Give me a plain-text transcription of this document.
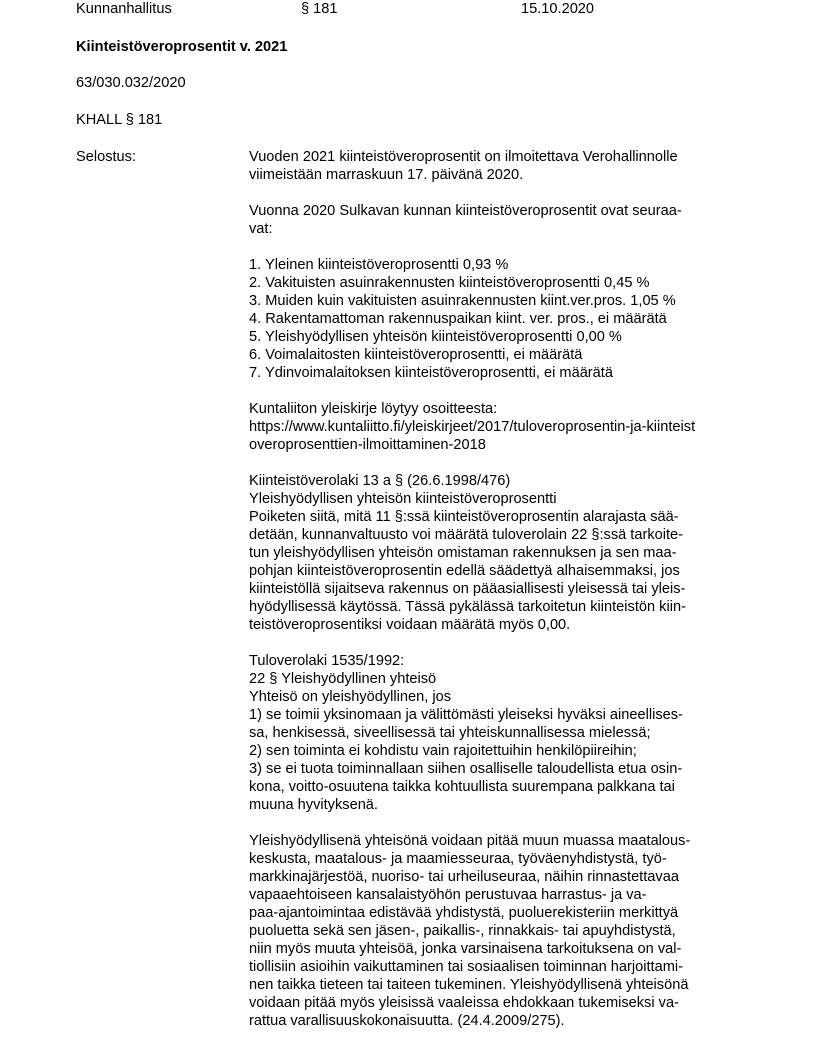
Kunnanhallitus	§ 181	15.10.2020
Kiinteistöveroprosentit v. 2021

63/030.032/2020

KHALL § 181

Selostus:	Vuoden 2021 kiinteistöveroprosentit on ilmoitettava Verohallinnolle
viimeistään marraskuun 17. päivänä 2020.

Vuonna 2020 Sulkavan kunnan kiinteistöveroprosentit ovat seuraa-
vat:

1. Yleinen kiinteistöveroprosentti 0,93 %
2. Vakituisten asuinrakennusten kiinteistöveroprosentti 0,45 %
3. Muiden kuin vakituisten asuinrakennusten kiint.ver.pros. 1,05 %
4. Rakentamattoman rakennuspaikan kiint. ver. pros., ei määrätä
5. Yleishyödyllisen yhteisön kiinteistöveroprosentti 0,00 %
6. Voimalaitosten kiinteistöveroprosentti, ei määrätä
7. Ydinvoimalaitoksen kiinteistöveroprosentti, ei määrätä

Kuntaliiton yleiskirje löytyy osoitteesta:
https://www.kuntaliitto.fi/yleiskirjeet/2017/tuloveroprosentin-ja-kiinteist
overoprosenttien-ilmoittaminen-2018

Kiinteistöverolaki 13 a § (26.6.1998/476)
Yleishyödyllisen yhteisön kiinteistöveroprosentti
Poiketen siitä, mitä 11 §:ssä kiinteistöveroprosentin alarajasta sää-
detään, kunnanvaltuusto voi määrätä tuloverolain 22 §:ssä tarkoite-
tun yleishyödyllisen yhteisön omistaman rakennuksen ja sen maa-
pohjan kiinteistöveroprosentin edellä säädettyä alhaisemmaksi, jos
kiinteistöllä sijaitseva rakennus on pääasiallisesti yleisessä tai yleis-
hyödyllisessä käytössä. Tässä pykälässä tarkoitetun kiinteistön kiin-
teistöveroprosentiksi voidaan määrätä myös 0,00.

Tuloverolaki 1535/1992:
22 § Yleishyödyllinen yhteisö
Yhteisö on yleishyödyllinen, jos
1) se toimii yksinomaan ja välittömästi yleiseksi hyväksi aineellises-
sa, henkisessä, siveellisessä tai yhteiskunnallisessa mielessä;
2) sen toiminta ei kohdistu vain rajoitettuihin henkilöpiireihin;
3) se ei tuota toiminnallaan siihen osalliselle taloudellista etua osin-
kona, voitto-osuutena taikka kohtuullista suurempana palkkana tai
muuna hyvityksenä.

Yleishyödyllisenä yhteisönä voidaan pitää muun muassa maatalous-
keskusta, maatalous- ja maamiesseuraa, työväenyhdistystä, työ-
markkinajärjestöä, nuoriso- tai urheiluseuraa, näihin rinnastettavaa
vapaaehtoiseen kansalaistyöhön perustuvaa harrastus- ja va-
paa-ajantoimintaa edistävää yhdistystä, puoluerekisteriin merkittyä
puoluetta sekä sen jäsen-, paikallis-, rinnakkais- tai apuyhdistystä,
niin myös muuta yhteisöä, jonka varsinaisena tarkoituksena on val-
tiollisiin asioihin vaikuttaminen tai sosiaalisen toiminnan harjoittami-
nen taikka tieteen tai taiteen tukeminen. Yleishyödyllisenä yhteisönä
voidaan pitää myös yleisissä vaaleissa ehdokkaan tukemiseksi va-
rattua varallisuuskokonaisuutta. (24.4.2009/275).
